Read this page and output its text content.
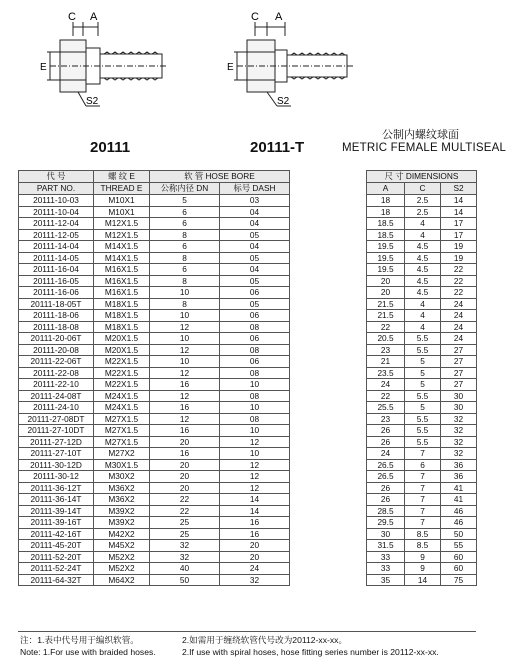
C A
E
S2
C A
E
S2
20111	20111-T
公制内螺纹球面
METRIC FEMALE MULTISEAL
代 号	螺 纹 E	软 管 HOSE BORE			尺 寸 DIMENSIONS		
PART NO.	THREAD E	公称内径 DN	标号 DASH		A	C	S2
20111-10-03	M10X1	5	03		18	2.5	14
20111-10-04	M10X1	6	04		18	2.5	14
20111-12-04	M12X1.5	6	04		18.5	4	17
20111-12-05	M12X1.5	8	05		18.5	4	17
20111-14-04	M14X1.5	6	04		19.5	4.5	19
20111-14-05	M14X1.5	8	05		19.5	4.5	19
20111-16-04	M16X1.5	6	04		19.5	4.5	22
20111-16-05	M16X1.5	8	05		20	4.5	22
20111-16-06	M16X1.5	10	06		20	4.5	22
20111-18-05T	M18X1.5	8	05		21.5	4	24
20111-18-06	M18X1.5	10	06		21.5	4	24
20111-18-08	M18X1.5	12	08		22	4	24
20111-20-06T	M20X1.5	10	06		20.5	5.5	24
20111-20-08	M20X1.5	12	08		23	5.5	27
20111-22-06T	M22X1.5	10	06		21	5	27
20111-22-08	M22X1.5	12	08		23.5	5	27
20111-22-10	M22X1.5	16	10		24	5	27
20111-24-08T	M24X1.5	12	08		22	5.5	30
20111-24-10	M24X1.5	16	10		25.5	5	30
20111-27-08DT	M27X1.5	12	08		23	5.5	32
20111-27-10DT	M27X1.5	16	10		26	5.5	32
20111-27-12D	M27X1.5	20	12		26	5.5	32
20111-27-10T	M27X2	16	10		24	7	32
20111-30-12D	M30X1.5	20	12		26.5	6	36
20111-30-12	M30X2	20	12		26.5	7	36
20111-36-12T	M36X2	20	12		26	7	41
20111-36-14T	M36X2	22	14		26	7	41
20111-39-14T	M39X2	22	14		28.5	7	46
20111-39-16T	M39X2	25	16		29.5	7	46
20111-42-16T	M42X2	25	16		30	8.5	50
20111-45-20T	M45X2	32	20		31.5	8.5	55
20111-52-20T	M52X2	32	20		33	9	60
20111-52-24T	M52X2	40	24		33	9	60
20111-64-32T	M64X2	50	32		35	14	75
注：1.表中代号用于编织软管。	2.如需用于缠绕软管代号改为20112-xx-xx。
Note: 1.For use with braided hoses.	2.If use with spiral hoses, hose fitting series number is 20112-xx-xx.
